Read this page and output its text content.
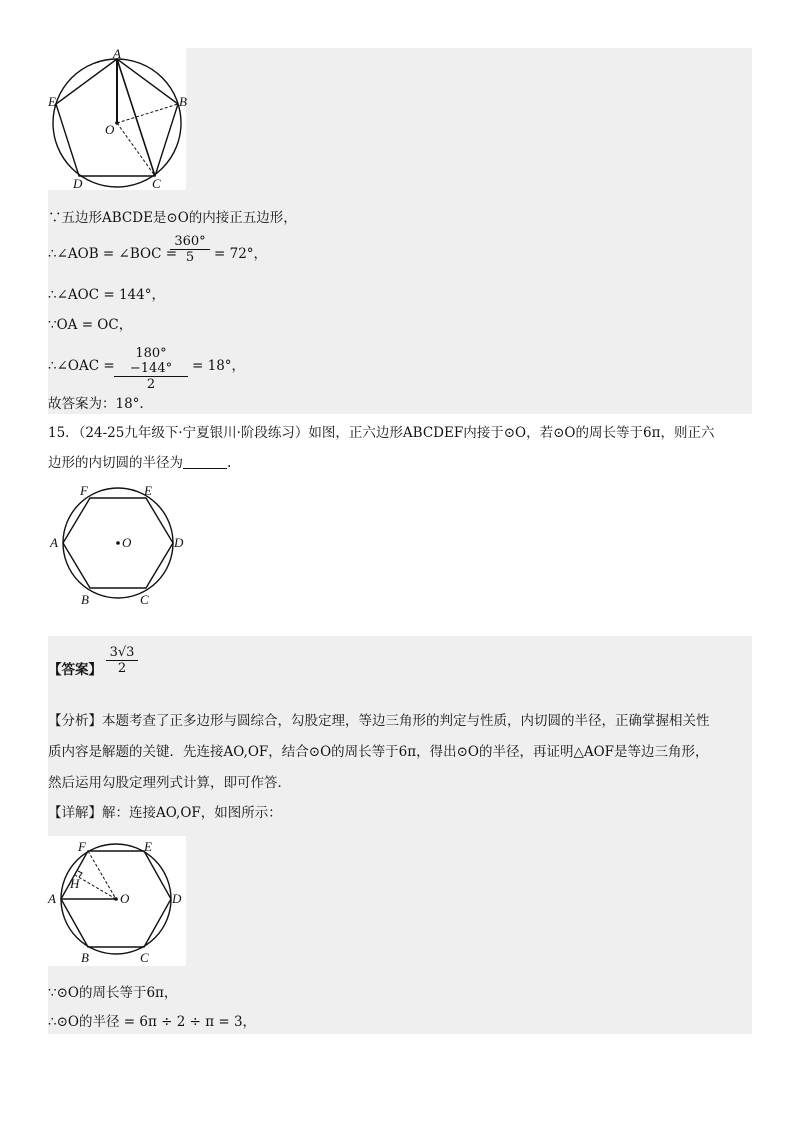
A
B
C
D
E
O
∵五边形ABCDE是⊙O的内接正五边形，
∴∠AOB = ∠BOC =
$\frac{360^\circ}{5} = 72^\circ$，
∴∠AOC = 144°，
∵OA = OC，
∴∠OAC = $\frac{180^\circ -144^\circ}{2} = 18^\circ$，
故答案为：18°.
15．（24-25九年级下·宁夏银川·阶段练习）如图，正六边形ABCDEF内接于⊙O，若⊙O的周长等于6π，则正六
边形的内切圆的半径为	.
F	E
A	D
B	C
O
【答案】 $\frac{3√3}{2}$
【分析】本题考查了正多边形与圆综合，勾股定理，等边三角形的判定与性质，内切圆的半径，正确掌握相关性
质内容是解题的关键．先连接AO,OF，结合⊙O的周长等于6π，得出⊙O的半径，再证明△AOF是等边三角形，
然后运用勾股定理列式计算，即可作答．
【详解】解：连接AO,OF，如图所示：
F	E
H
A	O	D
B	C
∵⊙O的周长等于6π，
∴⊙O的半径 = 6π ÷ 2 ÷ π = 3，
